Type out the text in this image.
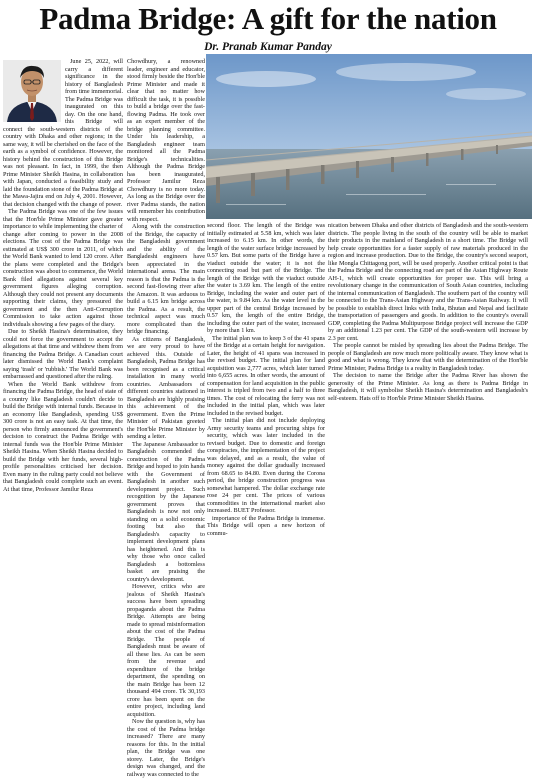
Padma Bridge: A gift for the nation
Dr. Pranab Kumar Panday

June 25, 2022, will carry a different significance in the history of Bangladesh from time immemorial. The Padma Bridge was inaugurated on this day. On the one hand, this Bridge will connect the south-western districts of the country with Dhaka and other regions; in the same way, it will be cherished on the face of the earth as a symbol of confidence. However, the history behind the construction of this Bridge was not pleasant. In fact, in 1999, the then Prime Minister Sheikh Hasina, in collaboration with Japan, conducted a feasibility study and laid the foundation stone of the Padma Bridge at the Mawa-Jajira end on July 4, 2001. However, that decision changed with the change of power.

The Padma Bridge was one of the few issues that the Hon'ble Prime Minister gave greater importance to while implementing the charter of change after coming to power in the 2008 elections. The cost of the Padma Bridge was estimated at US$ 300 crore in 2011, of which the World Bank wanted to lend 120 crore. After the plans were completed and the Bridge's construction was about to commence, the World Bank filed allegations against several key government figures alleging corruption. Although they could not present any documents supporting their claims, they pressured the government and the then Anti-Corruption Commission to take action against those individuals showing a few pages of the diary.

Due to Sheikh Hasina's determination, they could not force the government to accept the allegations at that time and withdrew them from financing the Padma Bridge. A Canadian court later dismissed the World Bank's complaint saying 'trash' or 'rubbish.' The World Bank was embarrassed and questioned after the ruling.

When the World Bank withdrew from financing the Padma Bridge, the head of state of a country like Bangladesh couldn't decide to build the Bridge with internal funds. Because in an economy like Bangladesh, spending US$ 300 crore is not an easy task. At that time, the person who firmly announced the government's decision to construct the Padma Bridge with internal funds was the Hon'ble Prime Minister Sheikh Hasina. When Sheikh Hasina decided to build the Bridge with her funds, several high-profile personalities criticised her decision. Even many in the ruling party could not believe that Bangladesh could complete such an event. At that time, Professor Jamilur Reza

Chowdhury, a renowned leader, engineer and educator, stood firmly beside the Hon'ble Prime Minister and made it clear that no matter how difficult the task, it is possible to build a bridge over the fast-flowing Padma. He took over as an expert member of the bridge planning committee. Under his leadership, a Bangladesh engineer team monitored all the Padma Bridge's technicalities. Although the Padma Bridge has been inaugurated, Professor Jamilur Reza Chowdhury is no more today. As long as the Bridge over the river Padma stands, the nation will remember his contribution with respect.

Along with the construction of the Bridge, the capacity of the Bangladeshi government and the ability of the Bangladeshi engineers have been appreciated in the international arena. The main reason is that the Padma is the second fast-flowing river after the Amazon. It was arduous to build a 6.15 km bridge across the Padma. As a result, the technical aspect was much more complicated than the bridge financing.

As citizens of Bangladesh, we are very proud to have achieved this. Outside of Bangladesh, Padma Bridge has been recognised as a critical installation in many world countries. Ambassadors of different countries stationed in Bangladesh are highly praising this achievement of the government. Even the Prime Minister of Pakistan greeted the Hon'ble Prime Minister by sending a letter.

The Japanese Ambassador to Bangladesh commended the construction of the Padma Bridge and hoped to join hands with the Government of Bangladesh in another such development project. Such recognition by the Japanese government proves that Bangladesh is now not only standing on a solid economic footing but also that Bangladesh's capacity to implement development plans has heightened. And this is why those who once called Bangladesh a bottomless basket are praising the country's development.

However, critics who are jealous of Sheikh Hasina's success have been spreading propaganda about the Padma Bridge. Attempts are being made to spread misinformation about the cost of the Padma Bridge. The people of Bangladesh must be aware of all these lies. As can be seen from the revenue and expenditure of the bridge department, the spending on the main Bridge has been 12 thousand 494 crore. Tk 30,193 crore has been spent on the entire project, including land acquisition.

Now the question is, why has the cost of the Padma bridge increased? There are many reasons for this. In the initial plan, the Bridge was one storey. Later, the Bridge's design was changed, and the railway was connected to the

second floor. The length of the Bridge was initially estimated at 5.58 km, which was later increased to 6.15 km. In other words, the length of the water surface bridge increased by 0.57 km. But some parts of the Bridge have a viaduct outside the water; it is not the connecting road but part of the Bridge. The length of the Bridge with the viaduct outside the water is 3.69 km. The length of the entire Bridge, including the water and outer part of the water, is 9.84 km. As the water level in the upper part of the central Bridge increased by 0.57 km, the length of the entire Bridge, including the outer part of the water, increased by more than 1 km.

The initial plan was to keep 3 of the 41 spans of the Bridge at a certain height for navigation. Later, the height of 41 spans was increased in the revised budget. The initial plan for land acquisition was 2,777 acres, which later turned into 6,655 acres. In other words, the amount of compensation for land acquisition in the public interest is tripled from two and a half to three times. The cost of relocating the ferry was not included in the initial plan, which was later included in the revised budget.

The initial plan did not include deploying Army security teams and procuring ships for security, which was later included in the revised budget. Due to domestic and foreign conspiracies, the implementation of the project was delayed, and as a result, the value of money against the dollar gradually increased from 68.65 to 84.80. Even during the Corona period, the bridge construction progress was somewhat hampered. The dollar exchange rate rose 24 per cent. The prices of various commodities in the international market also increased. BUET Professor.

importance of the Padma Bridge is immense. This Bridge will open a new horizon of commu-

nication between Dhaka and other districts of Bangladesh and the south-western districts. The people living in the south of the country will be able to market their products in the mainland of Bangladesh in a short time. The Bridge will help create opportunities for a faster supply of raw materials produced in the region and increase production. Due to the Bridge, the country's second seaport, like Mongla Chittagong port, will be used properly. Another critical point is that the Padma Bridge and the connecting road are part of the Asian Highway Route AH-1, which will create opportunities for proper use. This will bring a revolutionary change in the communication of South Asian countries, including the internal communication of Bangladesh. The southern part of the country will be connected to the Trans-Asian Highway and the Trans-Asian Railway. It will be possible to establish direct links with India, Bhutan and Nepal and facilitate the transportation of passengers and goods. In addition to the country's overall GDP, completing the Padma Multipurpose Bridge project will increase the GDP by an additional 1.23 per cent. The GDP of the south-western will increase by 2.3 per cent.

The people cannot be misled by spreading lies about the Padma Bridge. The people of Bangladesh are now much more politically aware. They know what is good and what is wrong. They know that with the determination of the Hon'ble Prime Minister, Padma Bridge is a reality in Bangladesh today.

The decision to name the Bridge after the Padma River has shown the generosity of the Prime Minister. As long as there is Padma Bridge in Bangladesh, it will symbolise Sheikh Hasina's determination and Bangladesh's self-esteem. Hats off to Hon'ble Prime Minister Sheikh Hasina.
